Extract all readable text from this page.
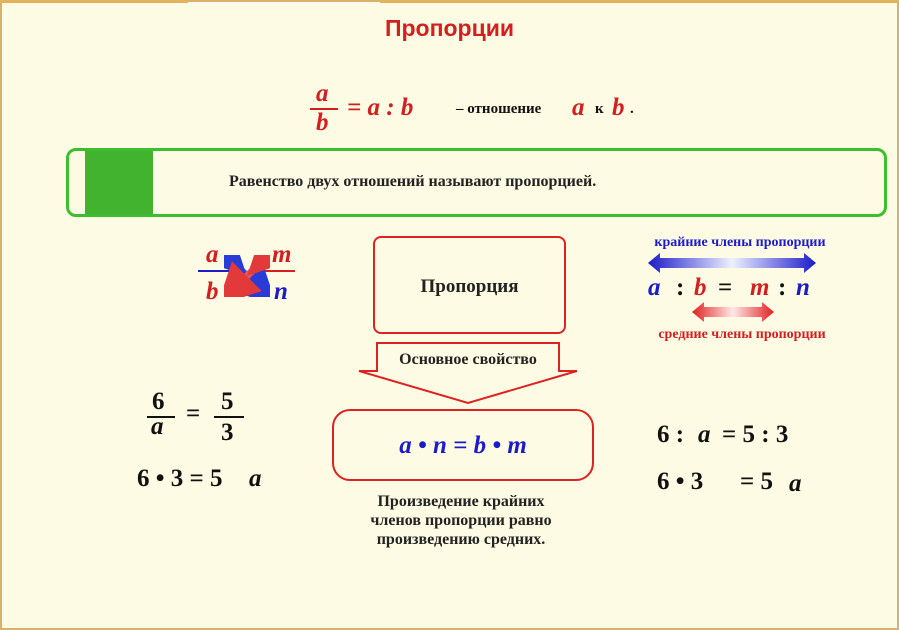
Пропорции
a
b
= a : b	– отношение a к b .
Равенство двух отношений называют пропорцией.
a
b
m
n	Пропорция
Основное свойство
a • n = b • m
Произведение крайних
членов пропорции равно
произведению средних.
крайние члены пропорции
a : b = m : n
средние члены пропорции
6
a = 5
3
6 • 3 = 5 a
6 : a = 5 : 3
6 • 3 = 5 a
